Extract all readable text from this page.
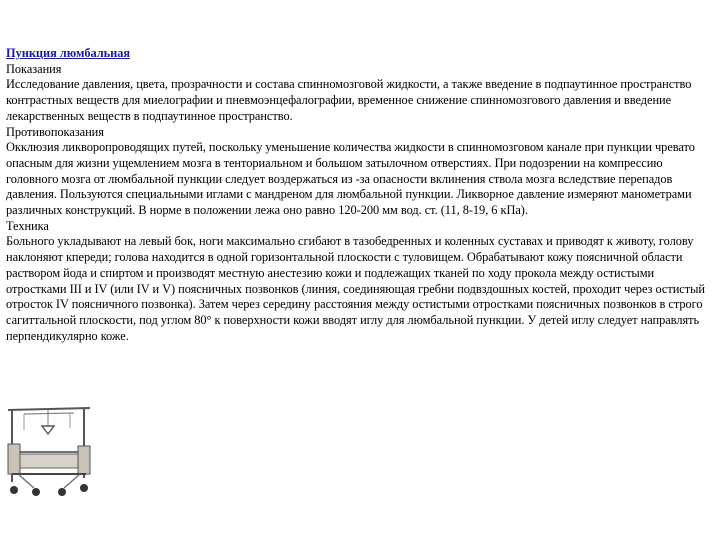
Пункция люмбальная

Показания

Исследование давления, цвета, прозрачности и состава спинномозговой жидкости, а также введение в подпаутинное пространство контрастных веществ для миелографии и пневмоэнцефалографии, временное снижение спинномозгового давления и введение лекарственных веществ в подпаутинное пространство.

Противопоказания

Окклюзия ликворопроводящих путей, поскольку уменьшение количества жидкости в спинномозговом канале при пункции чревато опасным для жизни ущемлением мозга в тенториальном и большом затылочном отверстиях. При подозрении на компрессию головного мозга от люмбальной пункции следует воздержаться из -за опасности вклинения ствола мозга вследствие перепадов давления. Пользуются специальными иглами с мандреном для люмбальной пункции. Ликворное давление измеряют манометрами различных конструкций. В норме в положении лежа оно равно 120-200 мм вод. ст. (11, 8-19, 6 кПа).

Техника

Больного укладывают на левый бок, ноги максимально сгибают в тазобедренных и коленных суставах и приводят к животу, голову наклоняют кпереди; голова находится в одной горизонтальной плоскости с туловищем. Обрабатывают кожу поясничной области раствором йода и спиртом и производят местную анестезию кожи и подлежащих тканей по ходу прокола между остистыми отростками III и IV (или IV и V) поясничных позвонков (линия, соединяющая гребни подвздошных костей, проходит через остистый отросток IV поясничного позвонка). Затем через середину расстояния между остистыми отростками поясничных позвонков в строго сагиттальной плоскости, под углом 80° к поверхности кожи вводят иглу для люмбальной пункции. У детей иглу следует направлять перпендикулярно коже.
